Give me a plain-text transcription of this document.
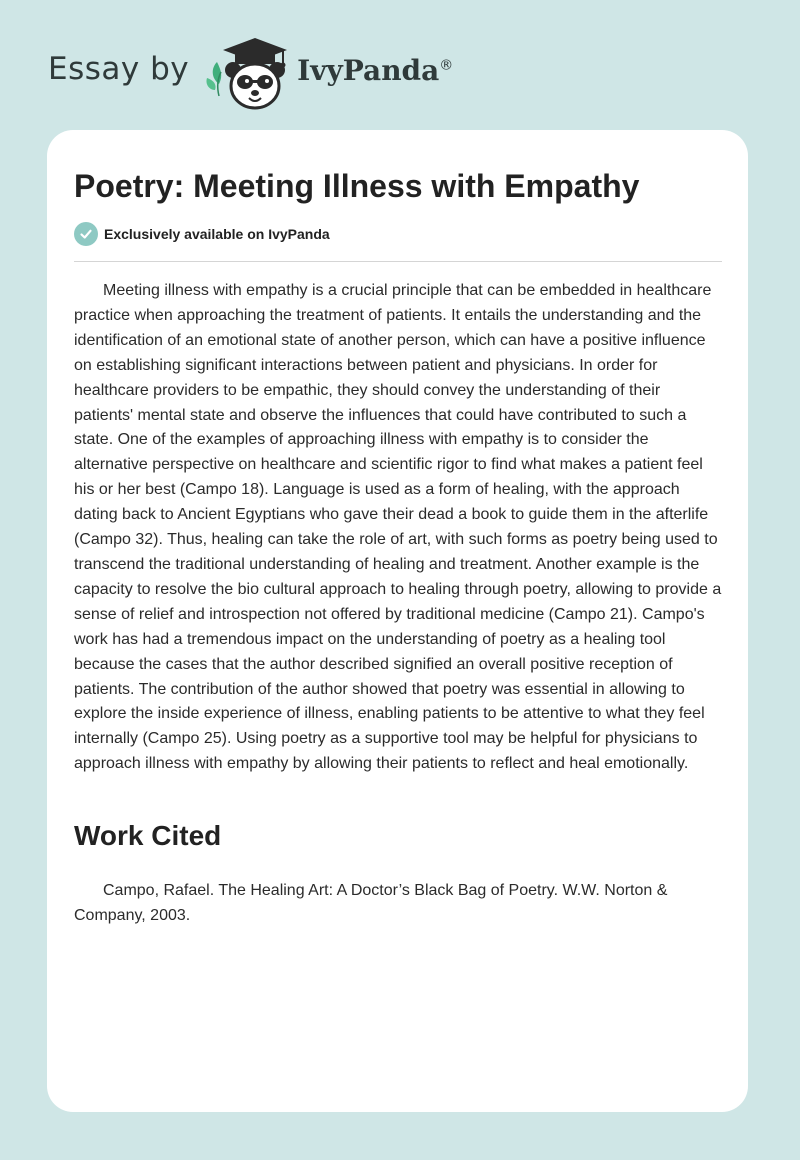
Essay by	IvyPanda®
Poetry: Meeting Illness with Empathy
Exclusively available on IvyPanda

Meeting illness with empathy is a crucial principle that can be embedded in healthcare practice when approaching the treatment of patients. It entails the understanding and the identification of an emotional state of another person, which can have a positive influence on establishing significant interactions between patient and physicians. In order for healthcare providers to be empathic, they should convey the understanding of their patients' mental state and observe the influences that could have contributed to such a state. One of the examples of approaching illness with empathy is to consider the alternative perspective on healthcare and scientific rigor to find what makes a patient feel his or her best (Campo 18). Language is used as a form of healing, with the approach dating back to Ancient Egyptians who gave their dead a book to guide them in the afterlife (Campo 32). Thus, healing can take the role of art, with such forms as poetry being used to transcend the traditional understanding of healing and treatment. Another example is the capacity to resolve the bio cultural approach to healing through poetry, allowing to provide a sense of relief and introspection not offered by traditional medicine (Campo 21). Campo's work has had a tremendous impact on the understanding of poetry as a healing tool because the cases that the author described signified an overall positive reception of patients. The contribution of the author showed that poetry was essential in allowing to explore the inside experience of illness, enabling patients to be attentive to what they feel internally (Campo 25). Using poetry as a supportive tool may be helpful for physicians to approach illness with empathy by allowing their patients to reflect and heal emotionally.

Work Cited

Campo, Rafael. The Healing Art: A Doctor’s Black Bag of Poetry. W.W. Norton & Company, 2003.
